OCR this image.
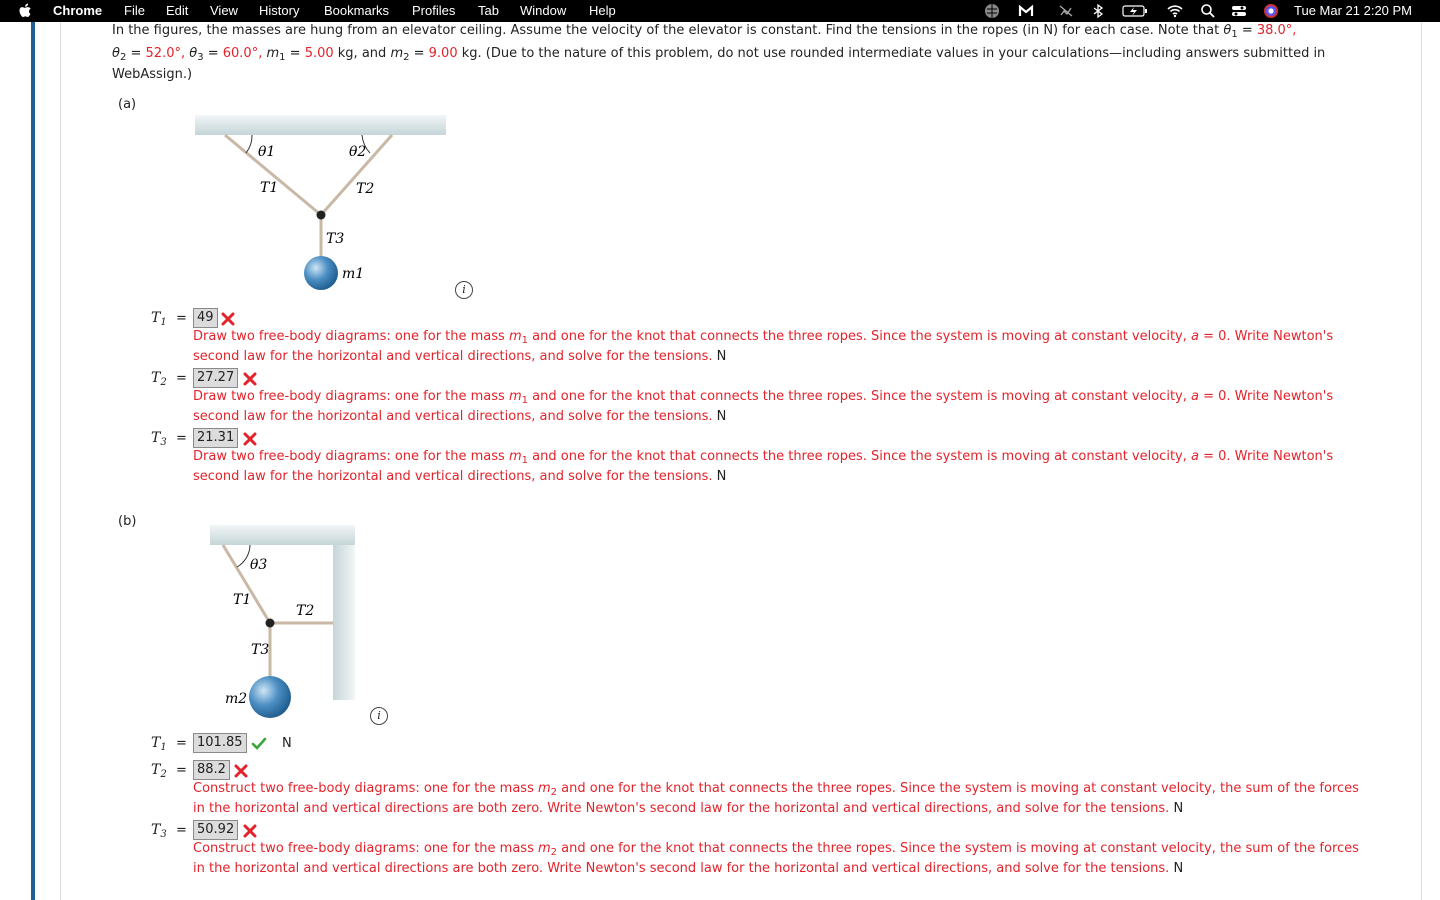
Chrome File Edit View History Bookmarks Profiles Tab Window Help	Tue Mar 21 2:20 PM
In the figures, the masses are hung from an elevator ceiling. Assume the velocity of the elevator is constant. Find the tensions in the ropes (in N) for each case. Note that $\theta_1 = 38.0^\circ$,
$\theta_2 = 52.0^\circ$, $\theta_3 = 60.0^\circ$, $m_1 = 5.00$ kg, and $m_2 = 9.00$ kg. (Due to the nature of this problem, do not use rounded intermediate values in your calculations—including answers submitted in
WebAssign.)
(a)
θ1	θ2
T1	T2
T3
m1
i
$T_1 = 49$
Draw two free-body diagrams: one for the mass $m_1$ and one for the knot that connects the three ropes. Since the system is moving at constant velocity, a = 0. Write Newton's
second law for the horizontal and vertical directions, and solve for the tensions. N
$T_2 = 27.27$
Draw two free-body diagrams: one for the mass $m_1$ and one for the knot that connects the three ropes. Since the system is moving at constant velocity, a = 0. Write Newton's
second law for the horizontal and vertical directions, and solve for the tensions. N
$T_3 = 21.31$
Draw two free-body diagrams: one for the mass $m_1$ and one for the knot that connects the three ropes. Since the system is moving at constant velocity, a = 0. Write Newton's
second law for the horizontal and vertical directions, and solve for the tensions. N
(b)
θ3
T1
T2
T3
m2
i
$T_1 = 101.85$	N
$T_2 = 88.2$
Construct two free-body diagrams: one for the mass $m_2$ and one for the knot that connects the three ropes. Since the system is moving at constant velocity, the sum of the forces
in the horizontal and vertical directions are both zero. Write Newton's second law for the horizontal and vertical directions, and solve for the tensions. N
$T_3 = 50.92$
Construct two free-body diagrams: one for the mass $m_2$ and one for the knot that connects the three ropes. Since the system is moving at constant velocity, the sum of the forces
in the horizontal and vertical directions are both zero. Write Newton's second law for the horizontal and vertical directions, and solve for the tensions. N
